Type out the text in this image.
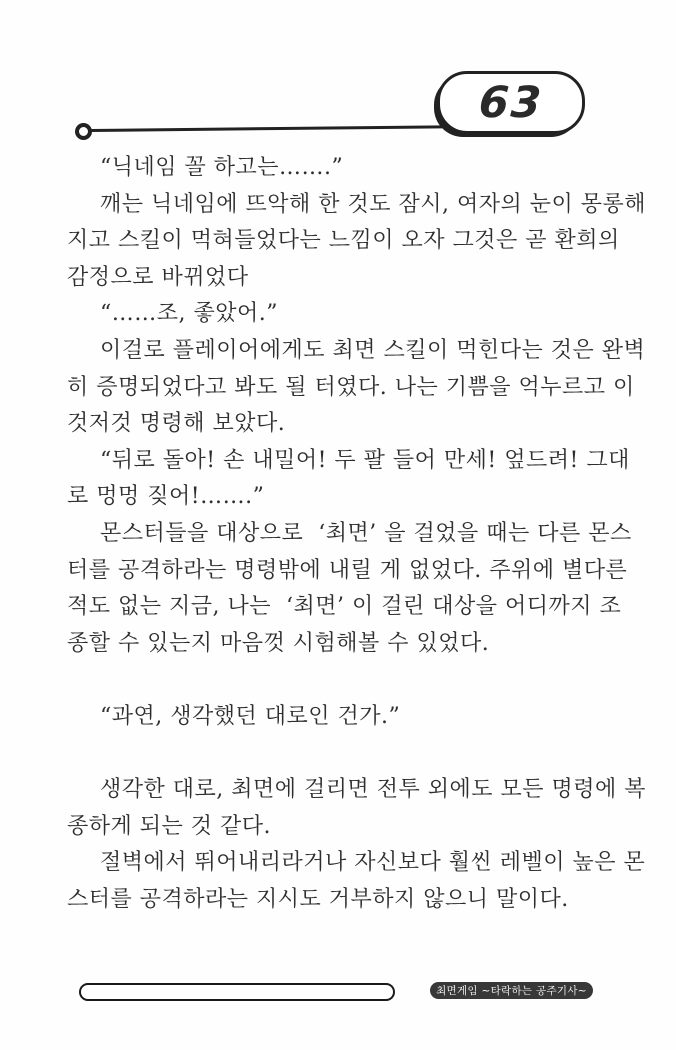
63
“닉네임 꼴 하고는…….”
깨는 닉네임에 뜨악해 한 것도 잠시, 여자의 눈이 몽롱해
지고 스킬이 먹혀들었다는 느낌이 오자 그것은 곧 환희의
감정으로 바뀌었다
“……조, 좋았어.”
이걸로 플레이어에게도 최면 스킬이 먹힌다는 것은 완벽
히 증명되었다고 봐도 될 터였다. 나는 기쁨을 억누르고 이
것저것 명령해 보았다.
“뒤로 돌아! 손 내밀어! 두 팔 들어 만세! 엎드려! 그대
로 멍멍 짖어!…….”
몬스터들을 대상으로  ‘최면’ 을 걸었을 때는 다른 몬스
터를 공격하라는 명령밖에 내릴 게 없었다. 주위에 별다른
적도 없는 지금, 나는  ‘최면’ 이 걸린 대상을 어디까지 조
종할 수 있는지 마음껏 시험해볼 수 있었다.
“과연, 생각했던 대로인 건가.”
생각한 대로, 최면에 걸리면 전투 외에도 모든 명령에 복
종하게 되는 것 같다.
절벽에서 뛰어내리라거나 자신보다 훨씬 레벨이 높은 몬
스터를 공격하라는 지시도 거부하지 않으니 말이다.
최면게임 ~타락하는 공주기사~
